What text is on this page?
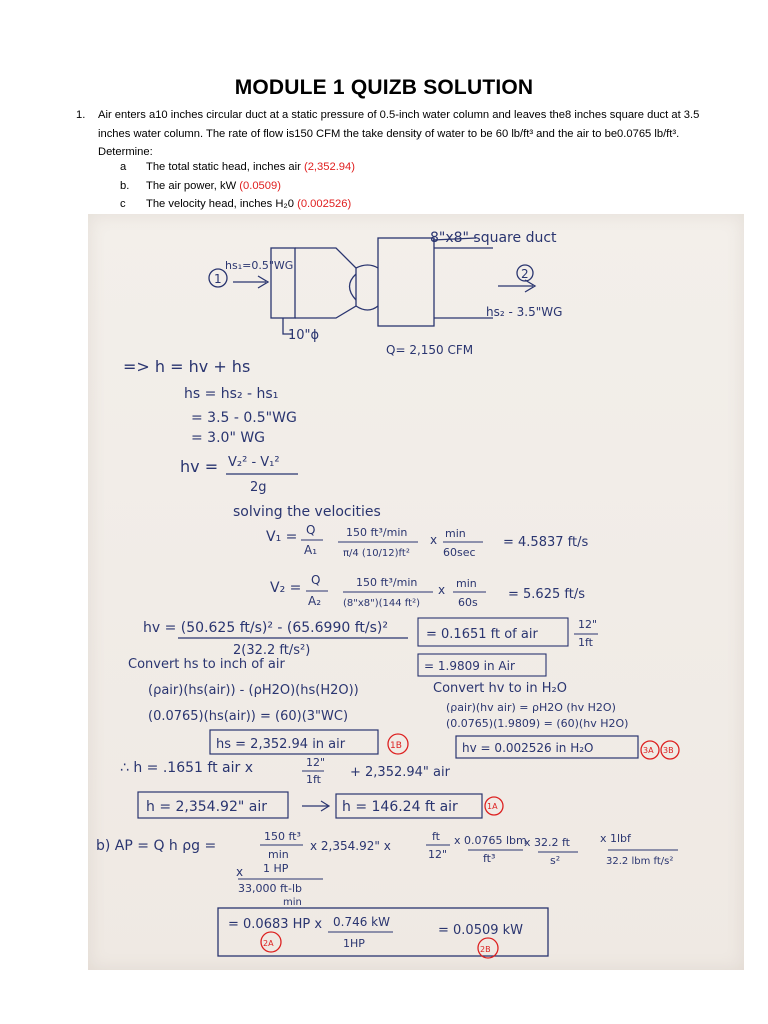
MODULE 1 QUIZB SOLUTION
1. Air enters a10 inches circular duct at a static pressure of 0.5-inch water column and leaves the8 inches square duct at 3.5
inches water column. The rate of flow is150 CFM the take density of water to be 60 lb/ft³ and the air to be0.0765 lb/ft³.
Determine:
a	The total static head, inches air
(2,352.94)
b.	The air power, kW
(0.0509)
c	The velocity head, inches H₂0
(0.002526)
8"x8" square duct
hs₁=0.5"WG
1	2
hs₂ - 3.5"WG
10"ϕ
Q= 2,150 CFM
=> h = hv + hs
hs = hs₂ - hs₁
= 3.5 - 0.5"WG
= 3.0" WG
hv = V₂² - V₁²
2g
solving the velocities
V₁ = Q
A₁
150 ft³/min
π/4 (10/12)ft²
x min
60sec
= 4.5837 ft/s
V₂ = Q
A₂
150 ft³/min
(8"x8")(144 ft²)
x min
60s
= 5.625 ft/s
hv = (50.625 ft/s)² - (65.6990 ft/s)²
2(32.2 ft/s²)
= 0.1651 ft of air
12"
1ft
= 1.9809 in Air
Convert hs to inch of air
(ρair)(hs(air)) - (ρH2O)(hs(H2O))
(0.0765)(hs(air)) = (60)(3"WC)
Convert hv to in H₂O
(ρair)(hv air) = ρH2O (hv H2O)
(0.0765)(1.9809) = (60)(hv H2O)
hs = 2,352.94 in air	1B	hv = 0.002526 in H₂O	3A 3B
∴ h = .1651 ft air x	12"
1ft + 2,352.94" air
h = 2,354.92" air	h = 146.24 ft air	1A
b) AP = Q h ρg =
150 ft³
min
x 2,354.92" x
ft
12"
x 0.0765 lbm
ft³
x 32.2 ft
s²
x 1lbf
32.2 lbm ft/s²
x 1 HP
33,000 ft-lb
min
= 0.0683 HP x 0.746 kW
1HP
= 0.0509 kW
2A
2B
